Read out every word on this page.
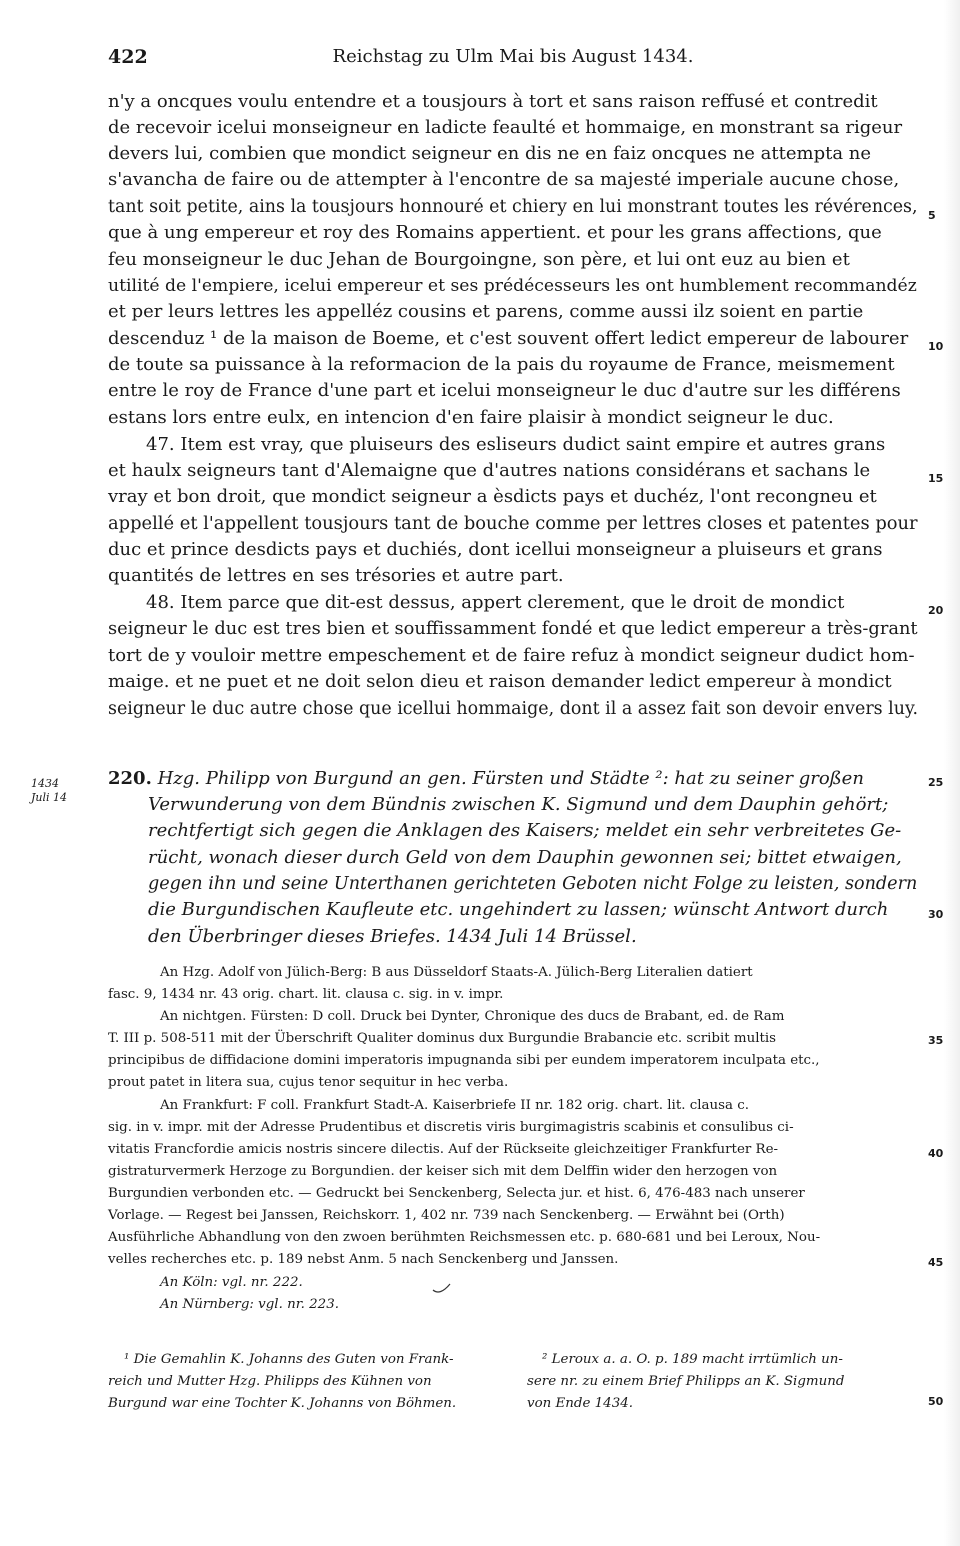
422	Reichstag zu Ulm Mai bis August 1434.
n'y a oncques voulu entendre et a tousjours à tort et sans raison reffusé et contredit
de recevoir icelui monseigneur en ladicte feaulté et hommaige, en monstrant sa rigeur
devers lui, combien que mondict seigneur en dis ne en faiz oncques ne attempta ne
s'avancha de faire ou de attempter à l'encontre de sa majesté imperiale aucune chose,
tant soit petite, ains la tousjours honnouré et chiery en lui monstrant toutes les révérences,
que à ung empereur et roy des Romains appertient. et pour les grans affections, que
feu monseigneur le duc Jehan de Bourgoingne, son père, et lui ont euz au bien et
utilité de l'empiere, icelui empereur et ses prédécesseurs les ont humblement recommandéz
et per leurs lettres les appelléz cousins et parens, comme aussi ilz soient en partie
descenduz ¹ de la maison de Boeme, et c'est souvent offert ledict empereur de labourer
de toute sa puissance à la reformacion de la pais du royaume de France, meismement
entre le roy de France d'une part et icelui monseigneur le duc d'autre sur les différens
estans lors entre eulx, en intencion d'en faire plaisir à mondict seigneur le duc.
47. Item est vray, que pluiseurs des esliseurs dudict saint empire et autres grans
et haulx seigneurs tant d'Alemaigne que d'autres nations considérans et sachans le
vray et bon droit, que mondict seigneur a èsdicts pays et duchéz, l'ont recongneu et
appellé et l'appellent tousjours tant de bouche comme per lettres closes et patentes pour
duc et prince desdicts pays et duchiés, dont icellui monseigneur a pluiseurs et grans
quantités de lettres en ses trésories et autre part.
48. Item parce que dit-est dessus, appert clerement, que le droit de mondict
seigneur le duc est tres bien et souffissamment fondé et que ledict empereur a très-grant
tort de y vouloir mettre empeschement et de faire refuz à mondict seigneur dudict hom-
maige. et ne puet et ne doit selon dieu et raison demander ledict empereur à mondict
seigneur le duc autre chose que icellui hommaige, dont il a assez fait son devoir envers luy.
5
10
15
20
25
30
35
40
45
50
1434
Juli 14
220. Hzg. Philipp von Burgund an gen. Fürsten und Städte ²: hat zu seiner großen
Verwunderung von dem Bündnis zwischen K. Sigmund und dem Dauphin gehört;
rechtfertigt sich gegen die Anklagen des Kaisers; meldet ein sehr verbreitetes Ge-
rücht, wonach dieser durch Geld von dem Dauphin gewonnen sei; bittet etwaigen,
gegen ihn und seine Unterthanen gerichteten Geboten nicht Folge zu leisten, sondern
die Burgundischen Kaufleute etc. ungehindert zu lassen; wünscht Antwort durch
den Überbringer dieses Briefes. 1434 Juli 14 Brüssel.
An Hzg. Adolf von Jülich-Berg: B aus Düsseldorf Staats-A. Jülich-Berg Literalien datiert
fasc. 9, 1434 nr. 43 orig. chart. lit. clausa c. sig. in v. impr.
An nichtgen. Fürsten: D coll. Druck bei Dynter, Chronique des ducs de Brabant, ed. de Ram
T. III p. 508-511 mit der Überschrift Qualiter dominus dux Burgundie Brabancie etc. scribit multis
principibus de diffidacione domini imperatoris impugnanda sibi per eundem imperatorem inculpata etc.,
prout patet in litera sua, cujus tenor sequitur in hec verba.
An Frankfurt: F coll. Frankfurt Stadt-A. Kaiserbriefe II nr. 182 orig. chart. lit. clausa c.
sig. in v. impr. mit der Adresse Prudentibus et discretis viris burgimagistris scabinis et consulibus ci-
vitatis Francfordie amicis nostris sincere dilectis. Auf der Rückseite gleichzeitiger Frankfurter Re-
gistraturvermerk Herzoge zu Borgundien. der keiser sich mit dem Delffin wider den herzogen von
Burgundien verbonden etc. — Gedruckt bei Senckenberg, Selecta jur. et hist. 6, 476-483 nach unserer
Vorlage. — Regest bei Janssen, Reichskorr. 1, 402 nr. 739 nach Senckenberg. — Erwähnt bei (Orth)
Ausführliche Abhandlung von den zwoen berühmten Reichsmessen etc. p. 680-681 und bei Leroux, Nou-
velles recherches etc. p. 189 nebst Anm. 5 nach Senckenberg und Janssen.
An Köln: vgl. nr. 222.
An Nürnberg: vgl. nr. 223.
¹ Die Gemahlin K. Johanns des Guten von Frank-
reich und Mutter Hzg. Philipps des Kühnen von
Burgund war eine Tochter K. Johanns von Böhmen.
² Leroux a. a. O. p. 189 macht irrtümlich un-
sere nr. zu einem Brief Philipps an K. Sigmund
von Ende 1434.
